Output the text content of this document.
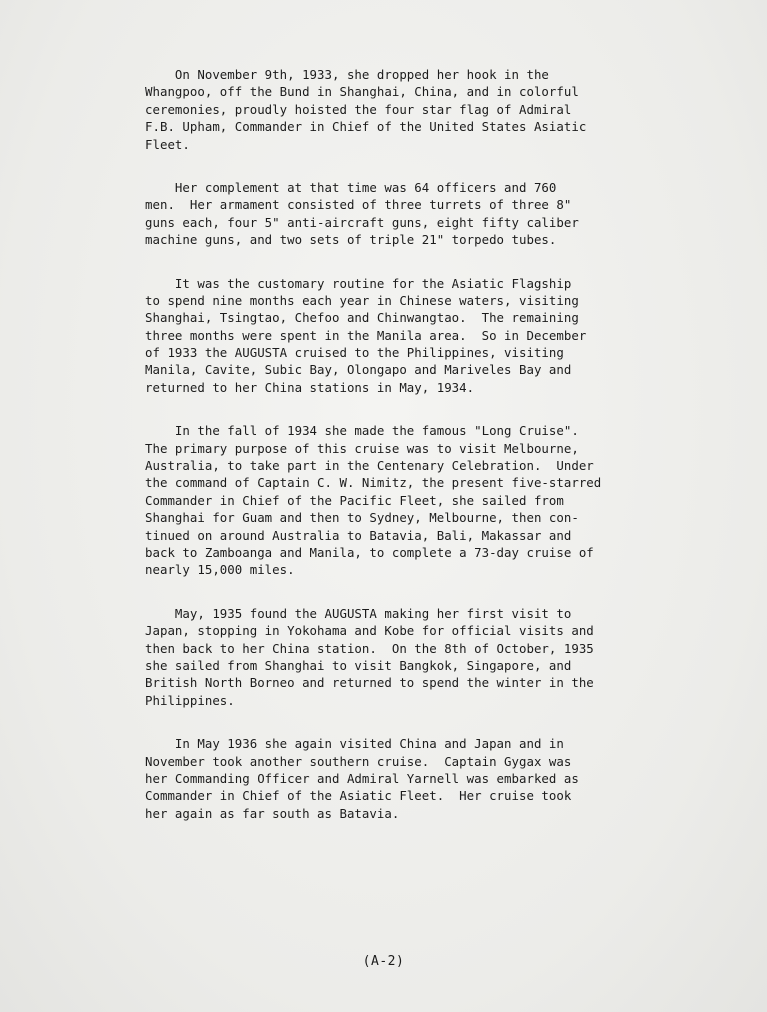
On November 9th, 1933, she dropped her hook in the
Whangpoo, off the Bund in Shanghai, China, and in colorful
ceremonies, proudly hoisted the four star flag of Admiral
F.B. Upham, Commander in Chief of the United States Asiatic
Fleet.

Her complement at that time was 64 officers and 760
men.  Her armament consisted of three turrets of three 8"
guns each, four 5" anti-aircraft guns, eight fifty caliber
machine guns, and two sets of triple 21" torpedo tubes.

It was the customary routine for the Asiatic Flagship
to spend nine months each year in Chinese waters, visiting
Shanghai, Tsingtao, Chefoo and Chinwangtao.  The remaining
three months were spent in the Manila area.  So in December
of 1933 the AUGUSTA cruised to the Philippines, visiting
Manila, Cavite, Subic Bay, Olongapo and Mariveles Bay and
returned to her China stations in May, 1934.

In the fall of 1934 she made the famous "Long Cruise".
The primary purpose of this cruise was to visit Melbourne,
Australia, to take part in the Centenary Celebration.  Under
the command of Captain C. W. Nimitz, the present five-starred
Commander in Chief of the Pacific Fleet, she sailed from
Shanghai for Guam and then to Sydney, Melbourne, then con-
tinued on around Australia to Batavia, Bali, Makassar and
back to Zamboanga and Manila, to complete a 73-day cruise of
nearly 15,000 miles.

May, 1935 found the AUGUSTA making her first visit to
Japan, stopping in Yokohama and Kobe for official visits and
then back to her China station.  On the 8th of October, 1935
she sailed from Shanghai to visit Bangkok, Singapore, and
British North Borneo and returned to spend the winter in the
Philippines.

In May 1936 she again visited China and Japan and in
November took another southern cruise.  Captain Gygax was
her Commanding Officer and Admiral Yarnell was embarked as
Commander in Chief of the Asiatic Fleet.  Her cruise took
her again as far south as Batavia.

(A-2)
